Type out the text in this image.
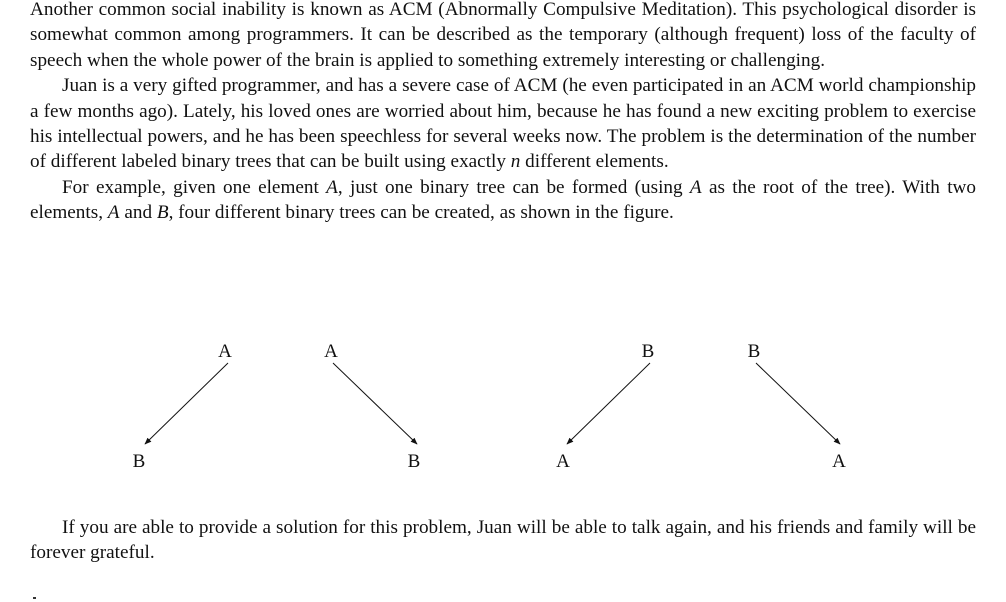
Another common social inability is known as ACM (Abnormally Compulsive Meditation). This psychological disorder is somewhat common among programmers. It can be described as the temporary (although frequent) loss of the faculty of speech when the whole power of the brain is applied to something extremely interesting or challenging.

Juan is a very gifted programmer, and has a severe case of ACM (he even participated in an ACM world championship a few months ago). Lately, his loved ones are worried about him, because he has found a new exciting problem to exercise his intellectual powers, and he has been speechless for several weeks now. The problem is the determination of the number of different labeled binary trees that can be built using exactly n different elements.

For example, given one element A, just one binary tree can be formed (using A as the root of the tree). With two elements, A and B, four different binary trees can be created, as shown in the figure.

A
B
A
B
B
A
B
A

If you are able to provide a solution for this problem, Juan will be able to talk again, and his friends and family will be forever grateful.
